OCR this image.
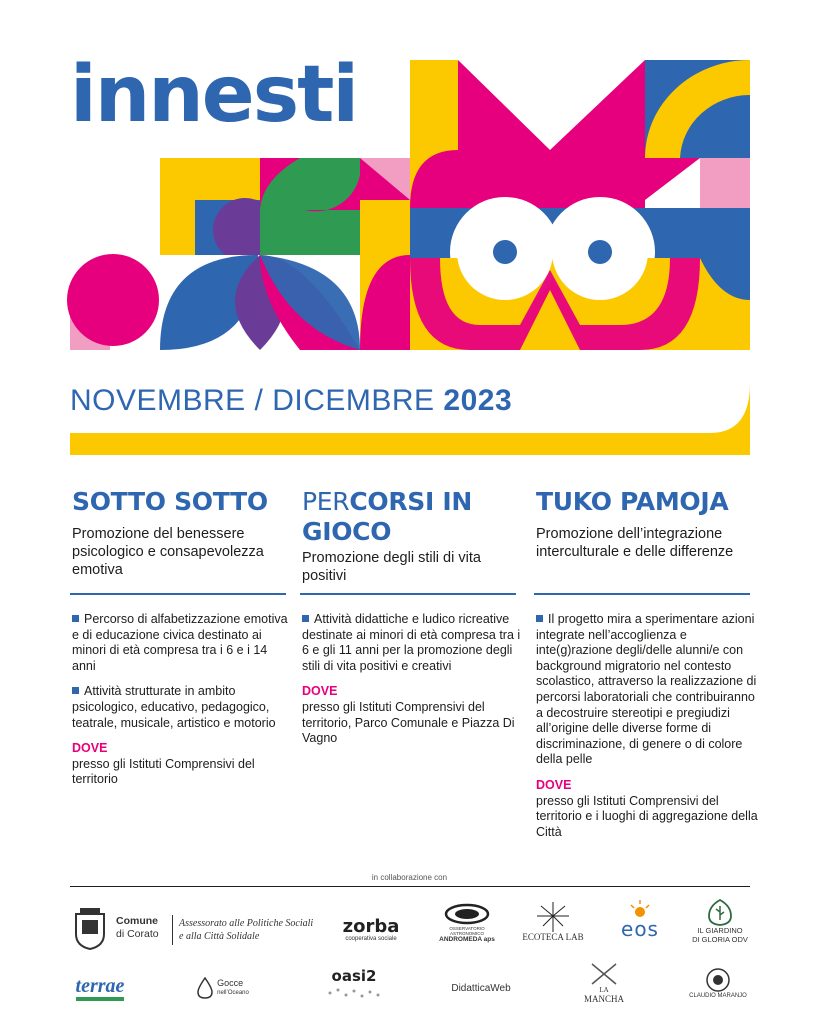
innesti
NOVEMBRE / DICEMBRE 2023
SOTTO SOTTO
Promozione del benessere psicologico e consapevolezza emotiva
PERCORSI IN GIOCO
Promozione degli stili di vita positivi
TUKO PAMOJA
Promozione dell’integrazione interculturale e delle differenze

Percorso di alfabetizzazione emotiva e di educazione civica destinato ai minori di età compresa tra i 6 e i 14 anni

Attività strutturate in ambito psicologico, educativo, pedagogico, teatrale, musicale, artistico e motorio

DOVE

presso gli Istituti Comprensivi del territorio

Attività didattiche e ludico ricreative destinate ai minori di età compresa tra i 6 e gli 11 anni per la promozione degli stili di vita positivi e creativi

DOVE

presso gli Istituti Comprensivi del territorio, Parco Comunale e Piazza Di Vagno

Il progetto mira a sperimentare azioni integrate nell’accoglienza e inte(g)razione degli/delle alunni/e con background migratorio nel contesto scolastico, attraverso la realizzazione di percorsi laboratoriali che contribuiranno a decostruire stereotipi e pregiudizi all’origine delle diverse forme di discriminazione, di genere o di colore della pelle

DOVE

presso gli Istituti Comprensivi del territorio e i luoghi di aggregazione della Città

in collaborazione con
Comune
di Corato
Assessorato alle Politiche Sociali
e alla Città Solidale	zorba
cooperativa sociale
OSSERVATORIO ASTRONOMICO
ANDROMEDA aps	ECOTECA LAB eos	IL GIARDINO
DI GLORIA ODV
terrae	Gocce
nell’Oceano
oasi2
DidatticaWeb	LA
MANCHA	CLAUDIO MARANJO
